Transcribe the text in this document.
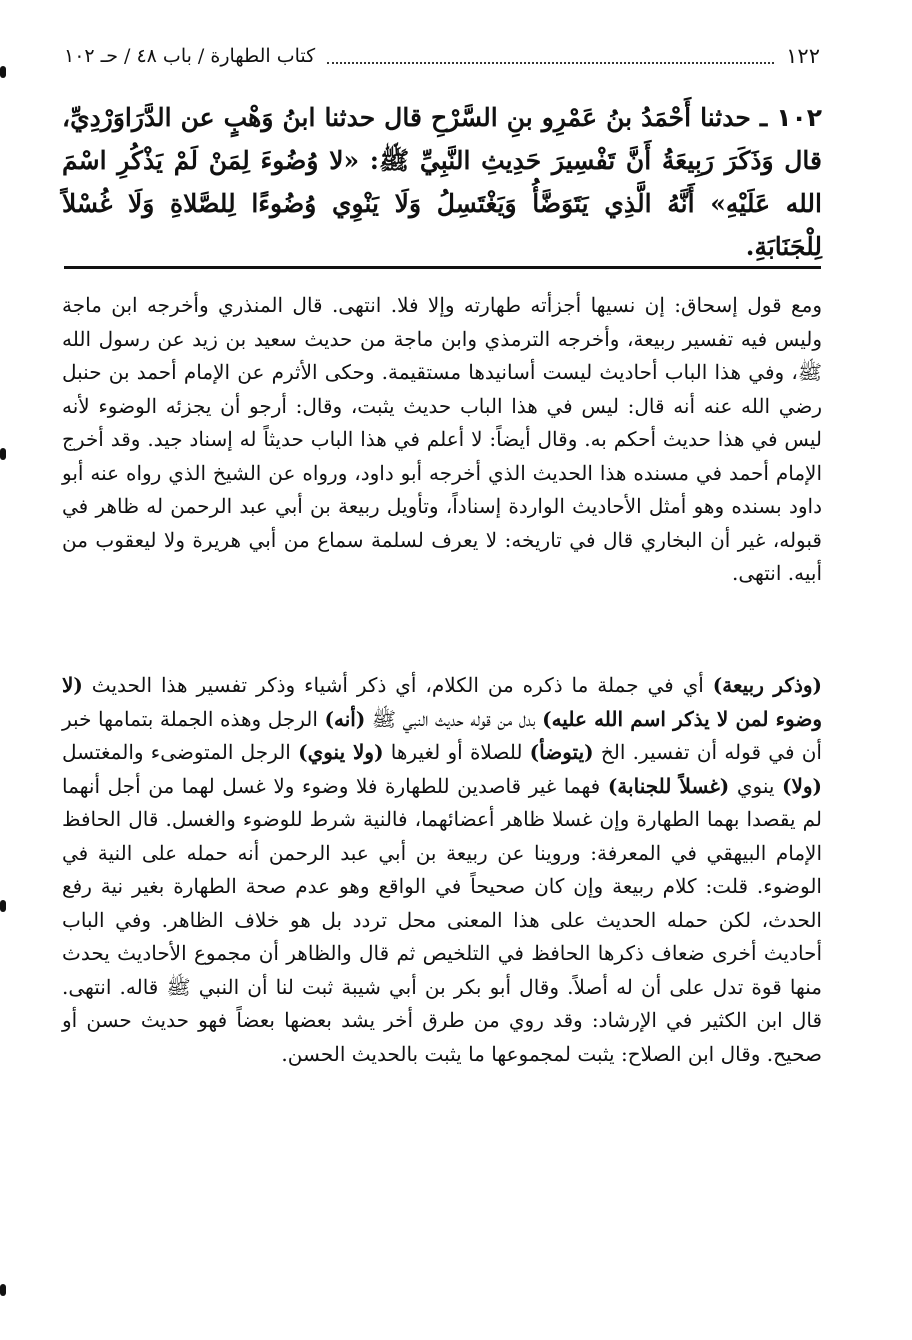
١٢٢
كتاب الطهارة / باب ٤٨ / حـ ١٠٢
١٠٢ ـ حدثنا أَحْمَدُ بنُ عَمْرِو بنِ السَّرْحِ قال حدثنا ابنُ وَهْبٍ عن الدَّرَاوَرْدِيِّ، قال وَذَكَرَ رَبِيعَةُ أَنَّ تَفْسِيرَ حَدِيثِ النَّبِيِّ ﷺ: «لا وُضُوءَ لِمَنْ لَمْ يَذْكُرِ اسْمَ الله عَلَيْهِ» أَنَّهُ الَّذِي يَتَوَضَّأُ وَيَغْتَسِلُ وَلَا يَنْوِي وُضُوءًا لِلصَّلاةِ وَلَا غُسْلاً لِلْجَنَابَةِ.
ومع قول إسحاق: إن نسيها أجزأته طهارته وإلا فلا. انتهى. قال المنذري وأخرجه ابن ماجة وليس فيه تفسير ربيعة، وأخرجه الترمذي وابن ماجة من حديث سعيد بن زيد عن رسول الله ﷺ، وفي هذا الباب أحاديث ليست أسانيدها مستقيمة. وحكى الأثرم عن الإمام أحمد بن حنبل رضي الله عنه أنه قال: ليس في هذا الباب حديث يثبت، وقال: أرجو أن يجزئه الوضوء لأنه ليس في هذا حديث أحكم به. وقال أيضاً: لا أعلم في هذا الباب حديثاً له إسناد جيد. وقد أخرج الإمام أحمد في مسنده هذا الحديث الذي أخرجه أبو داود، ورواه عن الشيخ الذي رواه عنه أبو داود بسنده وهو أمثل الأحاديث الواردة إسناداً، وتأويل ربيعة بن أبي عبد الرحمن له ظاهر في قبوله، غير أن البخاري قال في تاريخه: لا يعرف لسلمة سماع من أبي هريرة ولا ليعقوب من أبيه. انتهى.
(وذكر ربيعة) أي في جملة ما ذكره من الكلام، أي ذكر أشياء وذكر تفسير هذا الحديث (لا وضوء لمن لا يذكر اسم الله عليه) بدل من قوله حديث النبي ﷺ (أنه) الرجل وهذه الجملة بتمامها خبر أن في قوله أن تفسير. الخ (يتوضأ) للصلاة أو لغيرها (ولا ينوي) الرجل المتوضىء والمغتسل (ولا) ينوي (غسلاً للجنابة) فهما غير قاصدين للطهارة فلا وضوء ولا غسل لهما من أجل أنهما لم يقصدا بهما الطهارة وإن غسلا ظاهر أعضائهما، فالنية شرط للوضوء والغسل. قال الحافظ الإمام البيهقي في المعرفة: وروينا عن ربيعة بن أبي عبد الرحمن أنه حمله على النية في الوضوء. قلت: كلام ربيعة وإن كان صحيحاً في الواقع وهو عدم صحة الطهارة بغير نية رفع الحدث، لكن حمله الحديث على هذا المعنى محل تردد بل هو خلاف الظاهر. وفي الباب أحاديث أخرى ضعاف ذكرها الحافظ في التلخيص ثم قال والظاهر أن مجموع الأحاديث يحدث منها قوة تدل على أن له أصلاً. وقال أبو بكر بن أبي شيبة ثبت لنا أن النبي ﷺ قاله. انتهى. قال ابن الكثير في الإرشاد: وقد روي من طرق أخر يشد بعضها بعضاً فهو حديث حسن أو صحيح. وقال ابن الصلاح: يثبت لمجموعها ما يثبت بالحديث الحسن.
